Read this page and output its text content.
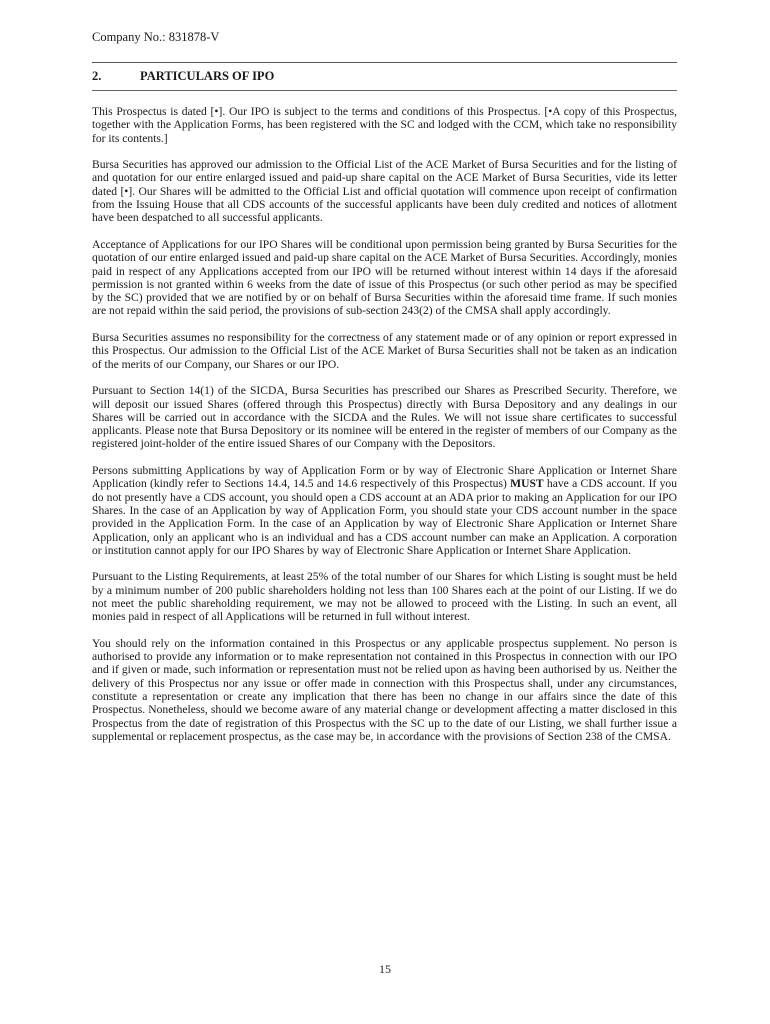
Company No.: 831878-V
2.	PARTICULARS OF IPO

This Prospectus is dated [•]. Our IPO is subject to the terms and conditions of this Prospectus. [•A copy of this Prospectus, together with the Application Forms, has been registered with the SC and lodged with the CCM, which take no responsibility for its contents.]

Bursa Securities has approved our admission to the Official List of the ACE Market of Bursa Securities and for the listing of and quotation for our entire enlarged issued and paid-up share capital on the ACE Market of Bursa Securities, vide its letter dated [•]. Our Shares will be admitted to the Official List and official quotation will commence upon receipt of confirmation from the Issuing House that all CDS accounts of the successful applicants have been duly credited and notices of allotment have been despatched to all successful applicants.

Acceptance of Applications for our IPO Shares will be conditional upon permission being granted by Bursa Securities for the quotation of our entire enlarged issued and paid-up share capital on the ACE Market of Bursa Securities. Accordingly, monies paid in respect of any Applications accepted from our IPO will be returned without interest within 14 days if the aforesaid permission is not granted within 6 weeks from the date of issue of this Prospectus (or such other period as may be specified by the SC) provided that we are notified by or on behalf of Bursa Securities within the aforesaid time frame. If such monies are not repaid within the said period, the provisions of sub-section 243(2) of the CMSA shall apply accordingly.

Bursa Securities assumes no responsibility for the correctness of any statement made or of any opinion or report expressed in this Prospectus. Our admission to the Official List of the ACE Market of Bursa Securities shall not be taken as an indication of the merits of our Company, our Shares or our IPO.

Pursuant to Section 14(1) of the SICDA, Bursa Securities has prescribed our Shares as Prescribed Security. Therefore, we will deposit our issued Shares (offered through this Prospectus) directly with Bursa Depository and any dealings in our Shares will be carried out in accordance with the SICDA and the Rules. We will not issue share certificates to successful applicants. Please note that Bursa Depository or its nominee will be entered in the register of members of our Company as the registered joint-holder of the entire issued Shares of our Company with the Depositors.

Persons submitting Applications by way of Application Form or by way of Electronic Share Application or Internet Share Application (kindly refer to Sections 14.4, 14.5 and 14.6 respectively of this Prospectus) MUST have a CDS account. If you do not presently have a CDS account, you should open a CDS account at an ADA prior to making an Application for our IPO Shares. In the case of an Application by way of Application Form, you should state your CDS account number in the space provided in the Application Form. In the case of an Application by way of Electronic Share Application or Internet Share Application, only an applicant who is an individual and has a CDS account number can make an Application. A corporation or institution cannot apply for our IPO Shares by way of Electronic Share Application or Internet Share Application.

Pursuant to the Listing Requirements, at least 25% of the total number of our Shares for which Listing is sought must be held by a minimum number of 200 public shareholders holding not less than 100 Shares each at the point of our Listing. If we do not meet the public shareholding requirement, we may not be allowed to proceed with the Listing. In such an event, all monies paid in respect of all Applications will be returned in full without interest.

You should rely on the information contained in this Prospectus or any applicable prospectus supplement. No person is authorised to provide any information or to make representation not contained in this Prospectus in connection with our IPO and if given or made, such information or representation must not be relied upon as having been authorised by us. Neither the delivery of this Prospectus nor any issue or offer made in connection with this Prospectus shall, under any circumstances, constitute a representation or create any implication that there has been no change in our affairs since the date of this Prospectus. Nonetheless, should we become aware of any material change or development affecting a matter disclosed in this Prospectus from the date of registration of this Prospectus with the SC up to the date of our Listing, we shall further issue a supplemental or replacement prospectus, as the case may be, in accordance with the provisions of Section 238 of the CMSA.

15
